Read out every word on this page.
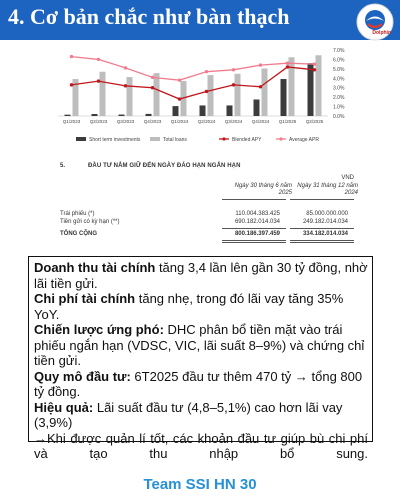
4. Cơ bản chắc như bàn thạch
Dolphin
0.0%
1.0%
2.0%
3.0%
4.0%
5.0%
6.0%
7.0%
Q1/2023 Q2/2023 Q3/2023 Q4/2023 Q1/2024 Q2/2024 Q3/2024 Q4/2024 Q1/2025 Q2/2025
Short term investments	Total loans	Blended APY	Average APR
5.	ĐẦU TƯ NẮM GIỮ ĐẾN NGÀY ĐÁO HẠN NGẮN HẠN
VND
Ngày 30 tháng 6 năm 2025
Ngày 31 tháng 12 năm 2024
Trái phiếu (*)	110.004.383.425	85.000.000.000
Tiền gửi có kỳ hạn (**)	690.182.014.034	249.182.014.034
TỔNG CỘNG	800.186.397.459	334.182.014.034

Doanh thu tài chính tăng 3,4 lần lên gần 30 tỷ đồng, nhờ lãi tiền gửi.

Chi phí tài chính tăng nhẹ, trong đó lãi vay tăng 35% YoY.

Chiến lược ứng phó: DHC phân bổ tiền mặt vào trái phiếu ngắn hạn (VDSC, VIC, lãi suất 8–9%) và chứng chỉ tiền gửi.

Quy mô đầu tư: 6T2025 đầu tư thêm 470 tỷ → tổng 800 tỷ đồng.

Hiệu quả: Lãi suất đầu tư (4,8–5,1%) cao hơn lãi vay (3,9%)

→Khi được quản lí tốt, các khoản đầu tư giúp bù chi phí và tạo thu nhập bổ sung.

Team SSI HN 30
